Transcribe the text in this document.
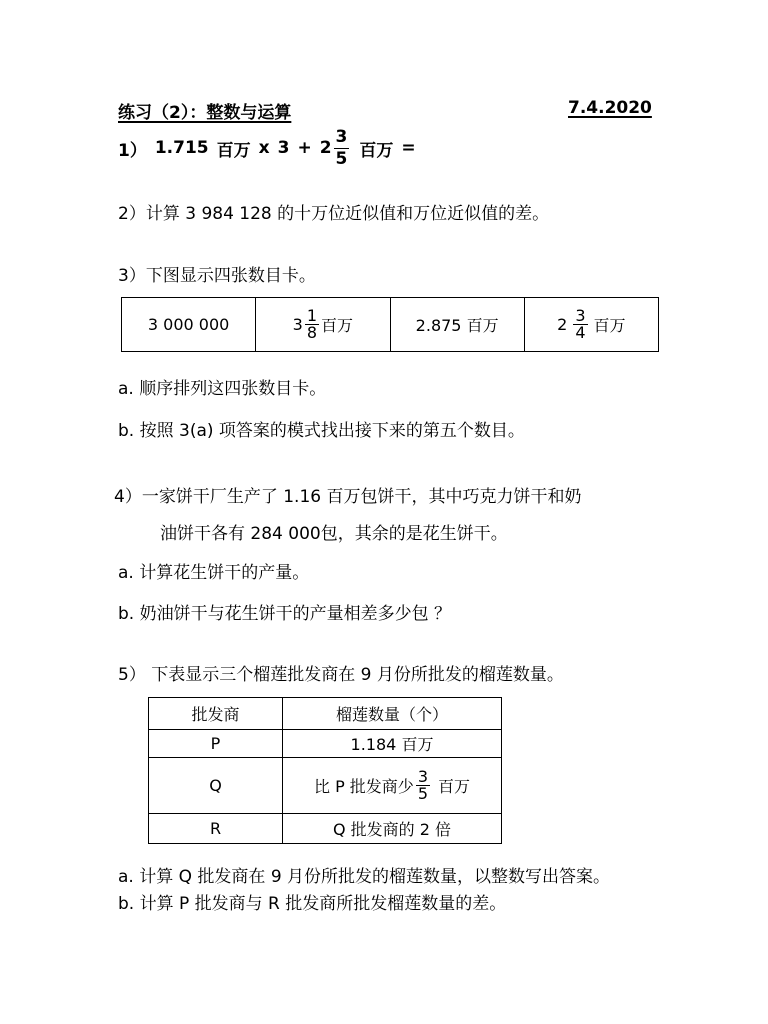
练习（2）：整数与运算	7.4.2020
1） 1.715 百万 x $3 + 2 \frac{3}{5}$ 百万 =
2）计算 3 984 128 的十万位近似值和万位近似值的差。
3）下图显示四张数目卡。
3 000 000	$3 \frac{1}{8}$ 百万	2.875 百万	$2 \frac{3}{4}$ 百万
a. 顺序排列这四张数目卡。
b. 按照 3(a) 项答案的模式找出接下来的第五个数目。
4）一家饼干厂生产了 1.16 百万包饼干，其中巧克力饼干和奶
油饼干各有 284 000包，其余的是花生饼干。
a. 计算花生饼干的产量。
b. 奶油饼干与花生饼干的产量相差多少包 ？
5） 下表显示三个榴莲批发商在 9 月份所批发的榴莲数量。
批发商	榴莲数量（个）
P	1.184 百万
Q	比 P 批发商少 $\frac{3}{5}$ 百万

R	Q 批发商的 2 倍
a. 计算 Q 批发商在 9 月份所批发的榴莲数量，以整数写出答案。
b. 计算 P 批发商与 R 批发商所批发榴莲数量的差。
